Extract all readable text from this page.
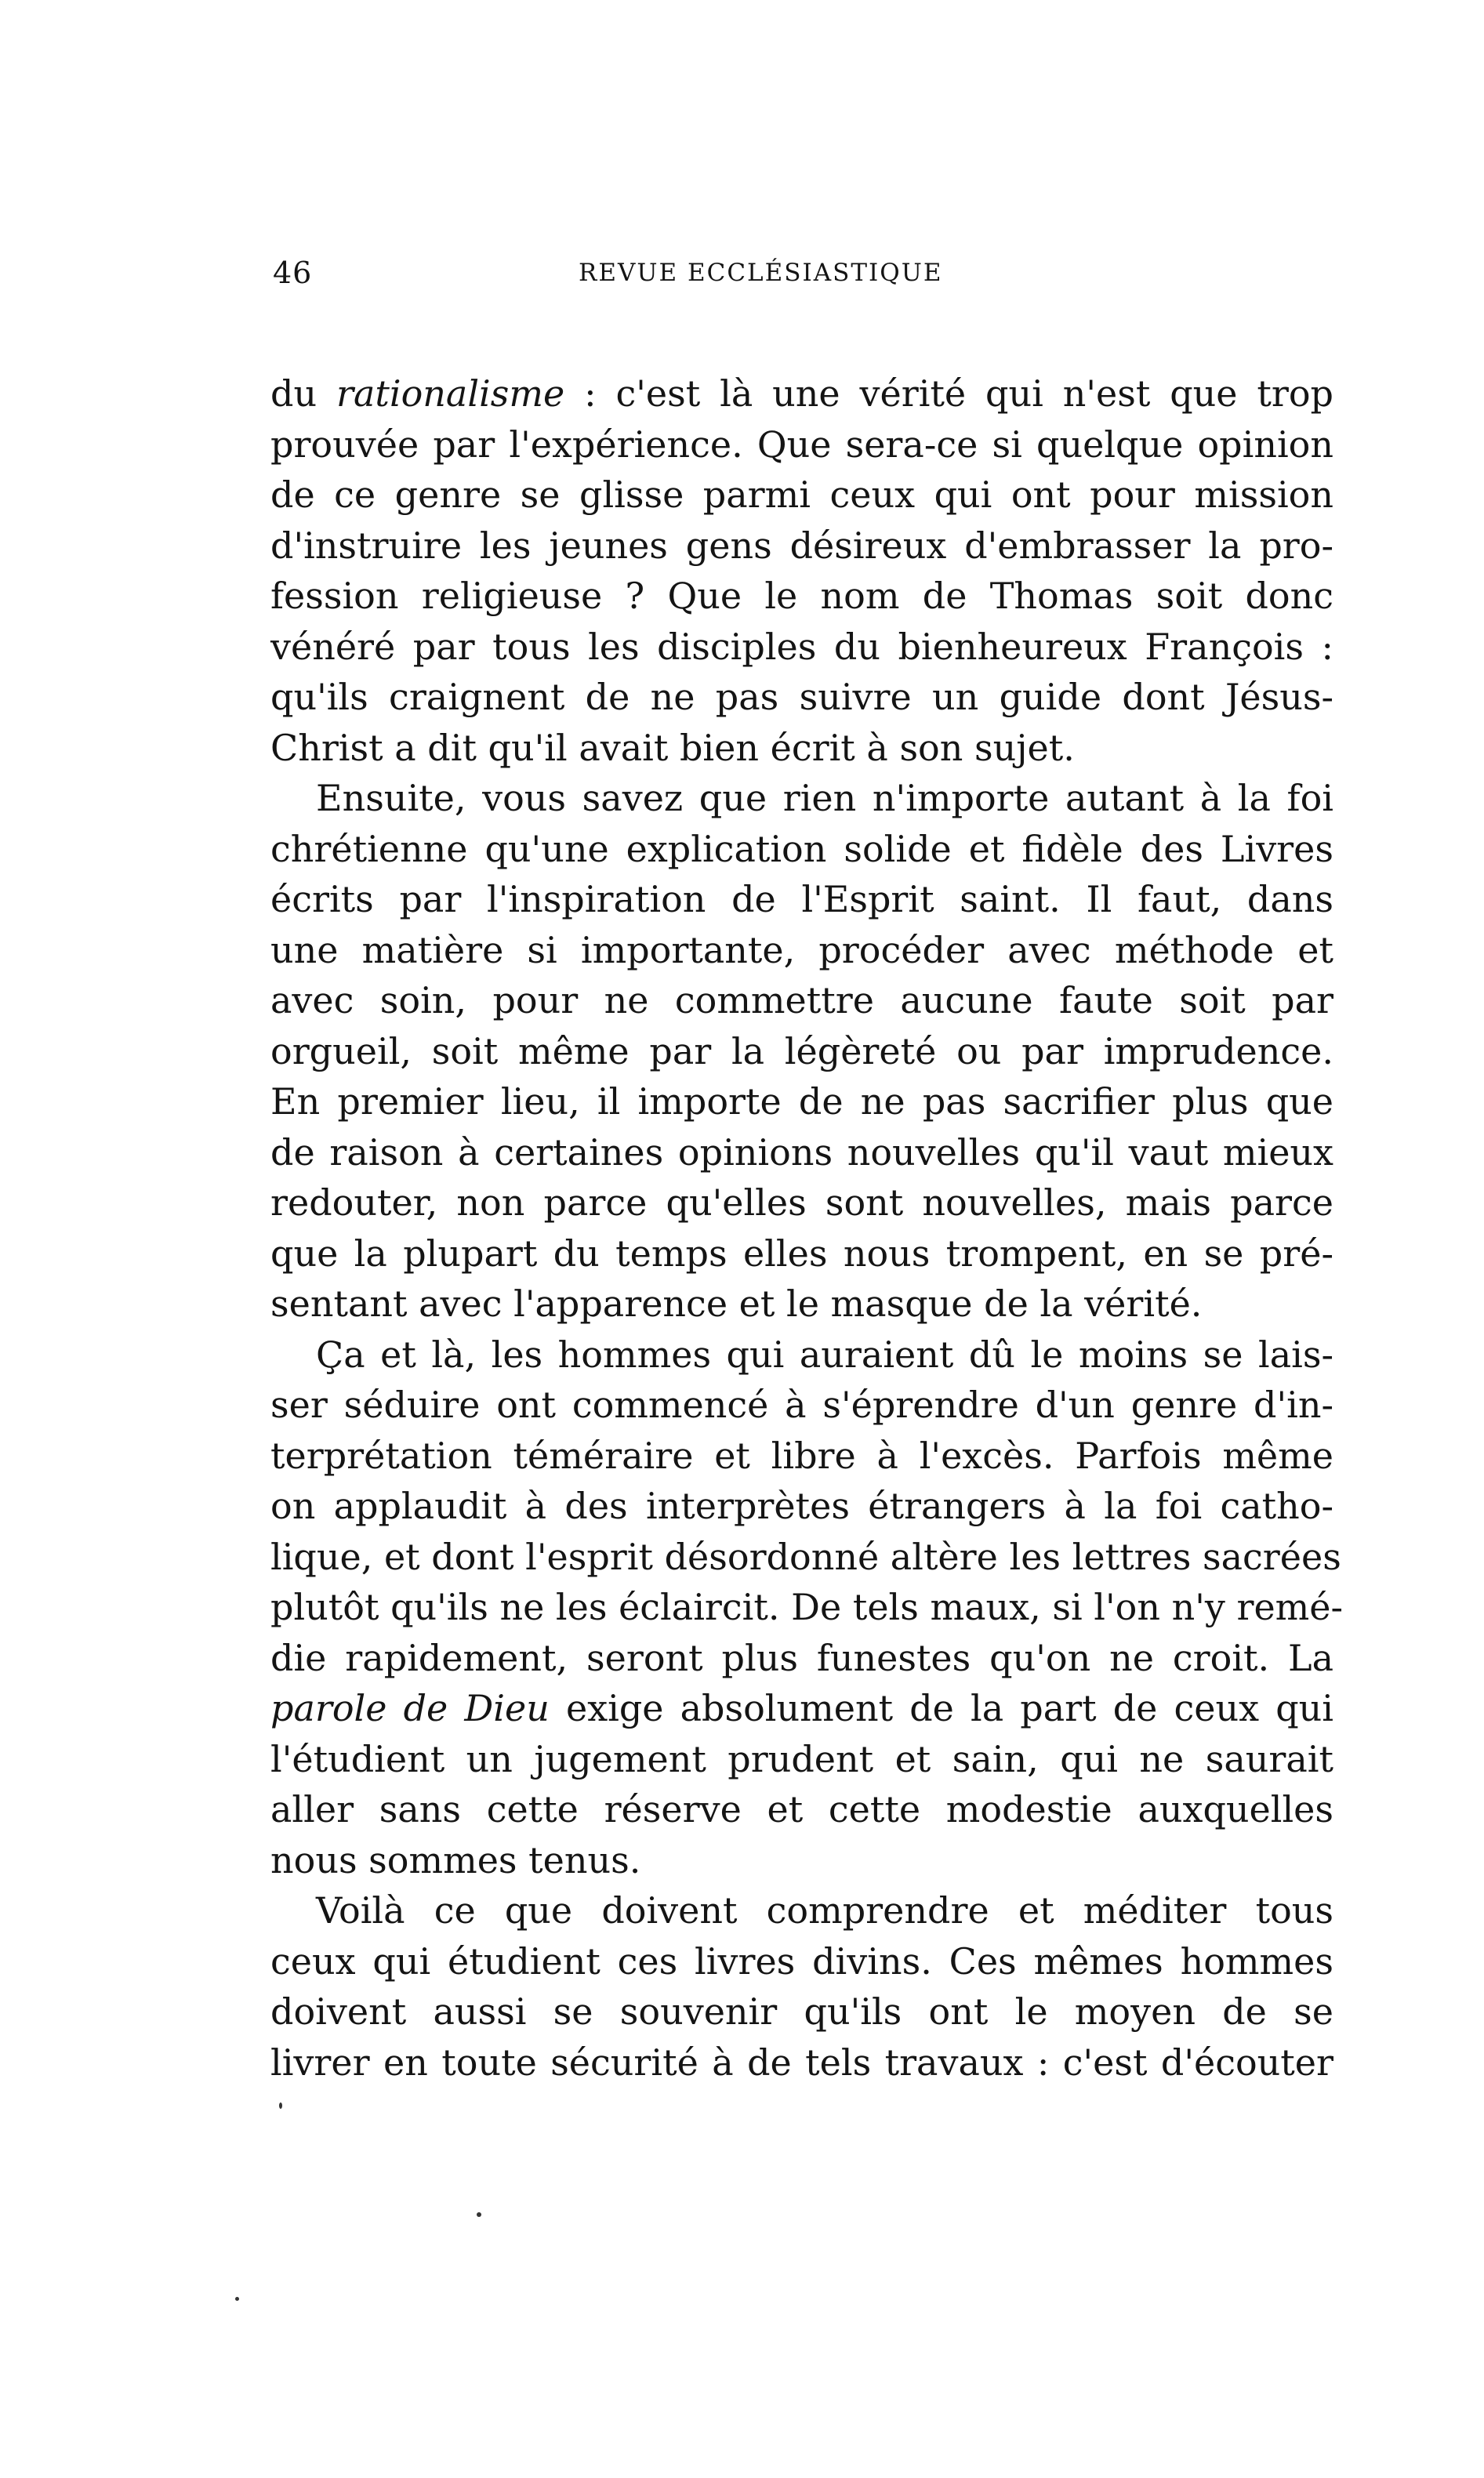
46	REVUE ECCLÉSIASTIQUE
du rationalisme : c'est là une vérité qui n'est que trop
prouvée par l'expérience. Que sera-ce si quelque opinion
de ce genre se glisse parmi ceux qui ont pour mission
d'instruire les jeunes gens désireux d'embrasser la pro-
fession religieuse ? Que le nom de Thomas soit donc
vénéré par tous les disciples du bienheureux François :
qu'ils craignent de ne pas suivre un guide dont Jésus-
Christ a dit qu'il avait bien écrit à son sujet.
Ensuite, vous savez que rien n'importe autant à la foi
chrétienne qu'une explication solide et fidèle des Livres
écrits par l'inspiration de l'Esprit saint. Il faut, dans
une matière si importante, procéder avec méthode et
avec soin, pour ne commettre aucune faute soit par
orgueil, soit même par la légèreté ou par imprudence.
En premier lieu, il importe de ne pas sacrifier plus que
de raison à certaines opinions nouvelles qu'il vaut mieux
redouter, non parce qu'elles sont nouvelles, mais parce
que la plupart du temps elles nous trompent, en se pré-
sentant avec l'apparence et le masque de la vérité.
Ça et là, les hommes qui auraient dû le moins se lais-
ser séduire ont commencé à s'éprendre d'un genre d'in-
terprétation téméraire et libre à l'excès. Parfois même
on applaudit à des interprètes étrangers à la foi catho-
lique, et dont l'esprit désordonné altère les lettres sacrées
plutôt qu'ils ne les éclaircit. De tels maux, si l'on n'y remé-
die rapidement, seront plus funestes qu'on ne croit. La
parole de Dieu exige absolument de la part de ceux qui
l'étudient un jugement prudent et sain, qui ne saurait
aller sans cette réserve et cette modestie auxquelles
nous sommes tenus.
Voilà ce que doivent comprendre et méditer tous
ceux qui étudient ces livres divins. Ces mêmes hommes
doivent aussi se souvenir qu'ils ont le moyen de se
livrer en toute sécurité à de tels travaux : c'est d'écouter
